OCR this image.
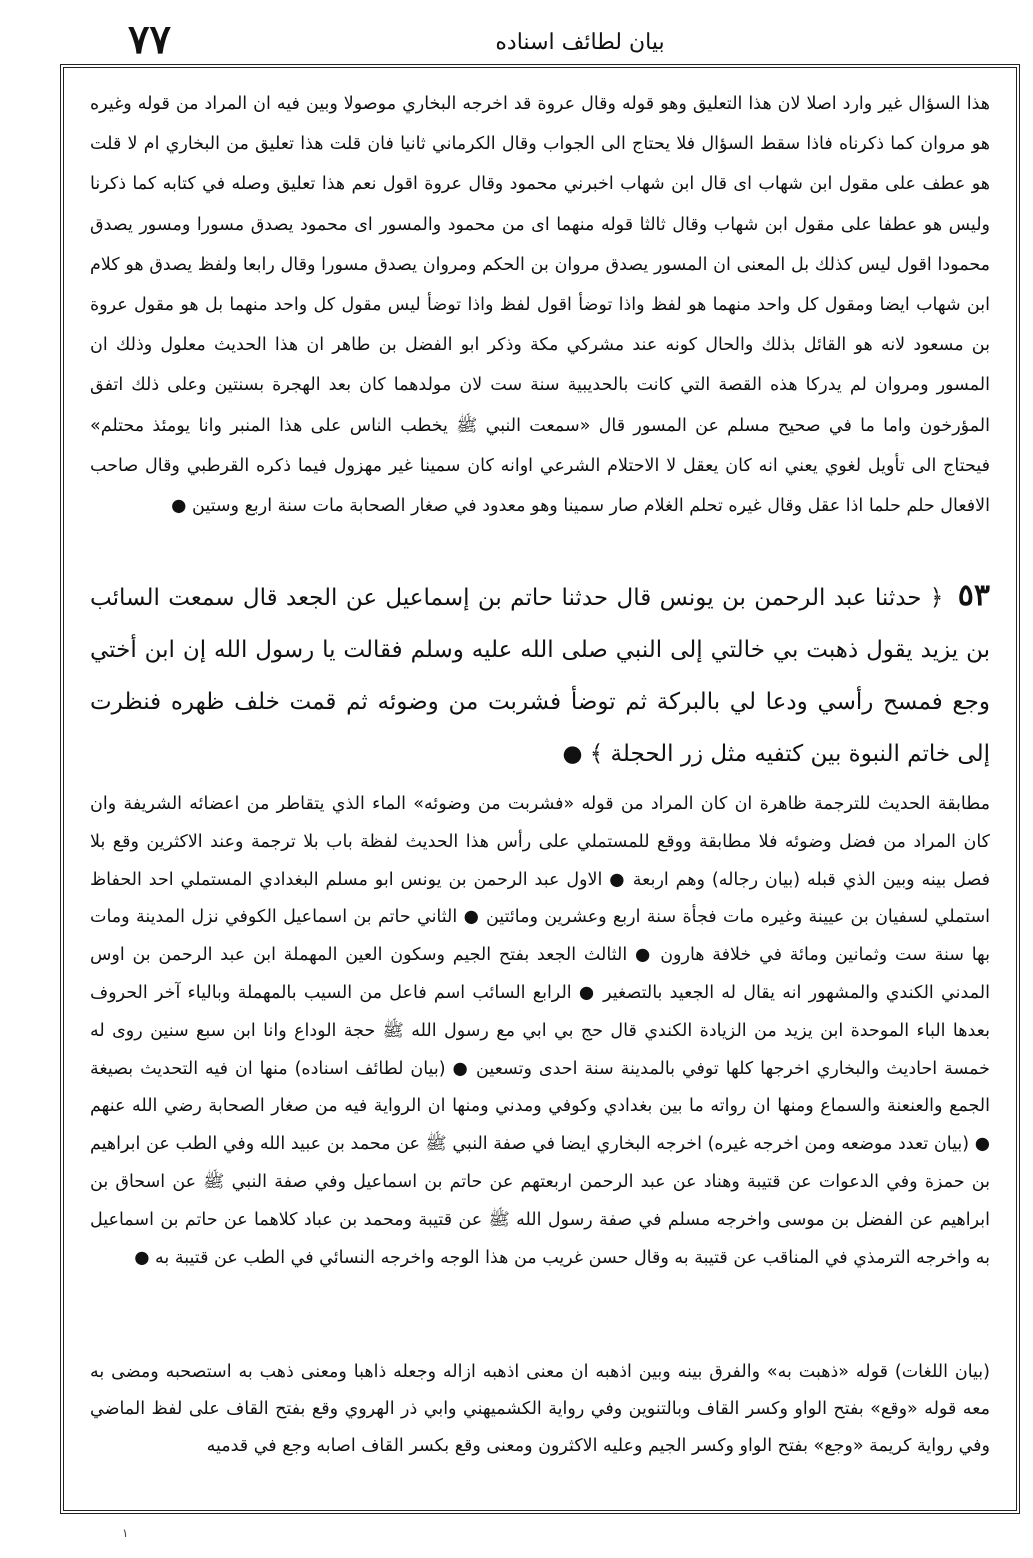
٧٧	بيان لطائف اسناده

هذا السؤال غير وارد اصلا لان هذا التعليق وهو قوله وقال عروة قد اخرجه البخاري موصولا وبين فيه ان المراد من قوله وغيره هو مروان كما ذكرناه فاذا سقط السؤال فلا يحتاج الى الجواب وقال الكرماني ثانيا فان قلت هذا تعليق من البخاري ام لا قلت هو عطف على مقول ابن شهاب اى قال ابن شهاب اخبرني محمود وقال عروة اقول نعم هذا تعليق وصله في كتابه كما ذكرنا وليس هو عطفا على مقول ابن شهاب وقال ثالثا قوله منهما اى من محمود والمسور اى محمود يصدق مسورا ومسور يصدق محمودا اقول ليس كذلك بل المعنى ان المسور يصدق مروان بن الحكم ومروان يصدق مسورا وقال رابعا ولفظ يصدق هو كلام ابن شهاب ايضا ومقول كل واحد منهما هو لفظ واذا توضأ اقول لفظ واذا توضأ ليس مقول كل واحد منهما بل هو مقول عروة بن مسعود لانه هو القائل بذلك والحال كونه عند مشركي مكة وذكر ابو الفضل بن طاهر ان هذا الحديث معلول وذلك ان المسور ومروان لم يدركا هذه القصة التي كانت بالحديبية سنة ست لان مولدهما كان بعد الهجرة بسنتين وعلى ذلك اتفق المؤرخون واما ما في صحيح مسلم عن المسور قال «سمعت النبي ﷺ يخطب الناس على هذا المنبر وانا يومئذ محتلم» فيحتاج الى تأويل لغوي يعني انه كان يعقل لا الاحتلام الشرعي اوانه كان سمينا غير مهزول فيما ذكره القرطبي وقال صاحب الافعال حلم حلما اذا عقل وقال غيره تحلم الغلام صار سمينا وهو معدود في صغار الصحابة مات سنة اربع وستين ●

٥٣ ﴿ حدثنا عبد الرحمن بن يونس قال حدثنا حاتم بن إسماعيل عن الجعد قال سمعت السائب بن يزيد يقول ذهبت بي خالتي إلى النبي صلى الله عليه وسلم فقالت يا رسول الله إن ابن أختي وجع فمسح رأسي ودعا لي بالبركة ثم توضأ فشربت من وضوئه ثم قمت خلف ظهره فنظرت إلى خاتم النبوة بين كتفيه مثل زر الحجلة ﴾ ●

مطابقة الحديث للترجمة ظاهرة ان كان المراد من قوله «فشربت من وضوئه» الماء الذي يتقاطر من اعضائه الشريفة وان كان المراد من فضل وضوئه فلا مطابقة ووقع للمستملي على رأس هذا الحديث لفظة باب بلا ترجمة وعند الاكثرين وقع بلا فصل بينه وبين الذي قبله (بيان رجاله) وهم اربعة ● الاول عبد الرحمن بن يونس ابو مسلم البغدادي المستملي احد الحفاظ استملي لسفيان بن عيينة وغيره مات فجأة سنة اربع وعشرين ومائتين ● الثاني حاتم بن اسماعيل الكوفي نزل المدينة ومات بها سنة ست وثمانين ومائة في خلافة هارون ● الثالث الجعد بفتح الجيم وسكون العين المهملة ابن عبد الرحمن بن اوس المدني الكندي والمشهور انه يقال له الجعيد بالتصغير ● الرابع السائب اسم فاعل من السيب بالمهملة وبالياء آخر الحروف بعدها الباء الموحدة ابن يزيد من الزيادة الكندي قال حج بي ابي مع رسول الله ﷺ حجة الوداع وانا ابن سبع سنين روى له خمسة احاديث والبخاري اخرجها كلها توفي بالمدينة سنة احدى وتسعين ● (بيان لطائف اسناده) منها ان فيه التحديث بصيغة الجمع والعنعنة والسماع ومنها ان رواته ما بين بغدادي وكوفي ومدني ومنها ان الرواية فيه من صغار الصحابة رضي الله عنهم ● (بيان تعدد موضعه ومن اخرجه غيره) اخرجه البخاري ايضا في صفة النبي ﷺ عن محمد بن عبيد الله وفي الطب عن ابراهيم بن حمزة وفي الدعوات عن قتيبة وهناد عن عبد الرحمن اربعتهم عن حاتم بن اسماعيل وفي صفة النبي ﷺ عن اسحاق بن ابراهيم عن الفضل بن موسى واخرجه مسلم في صفة رسول الله ﷺ عن قتيبة ومحمد بن عباد كلاهما عن حاتم بن اسماعيل به واخرجه الترمذي في المناقب عن قتيبة به وقال حسن غريب من هذا الوجه واخرجه النسائي في الطب عن قتيبة به ●

(بيان اللغات) قوله «ذهبت به» والفرق بينه وبين اذهبه ان معنى اذهبه ازاله وجعله ذاهبا ومعنى ذهب به استصحبه ومضى به معه قوله «وقع» بفتح الواو وكسر القاف وبالتنوين وفي رواية الكشميهني وابي ذر الهروي وقع بفتح القاف على لفظ الماضي وفي رواية كريمة «وجع» بفتح الواو وكسر الجيم وعليه الاكثرون ومعنى وقع بكسر القاف اصابه وجع في قدميه

١
